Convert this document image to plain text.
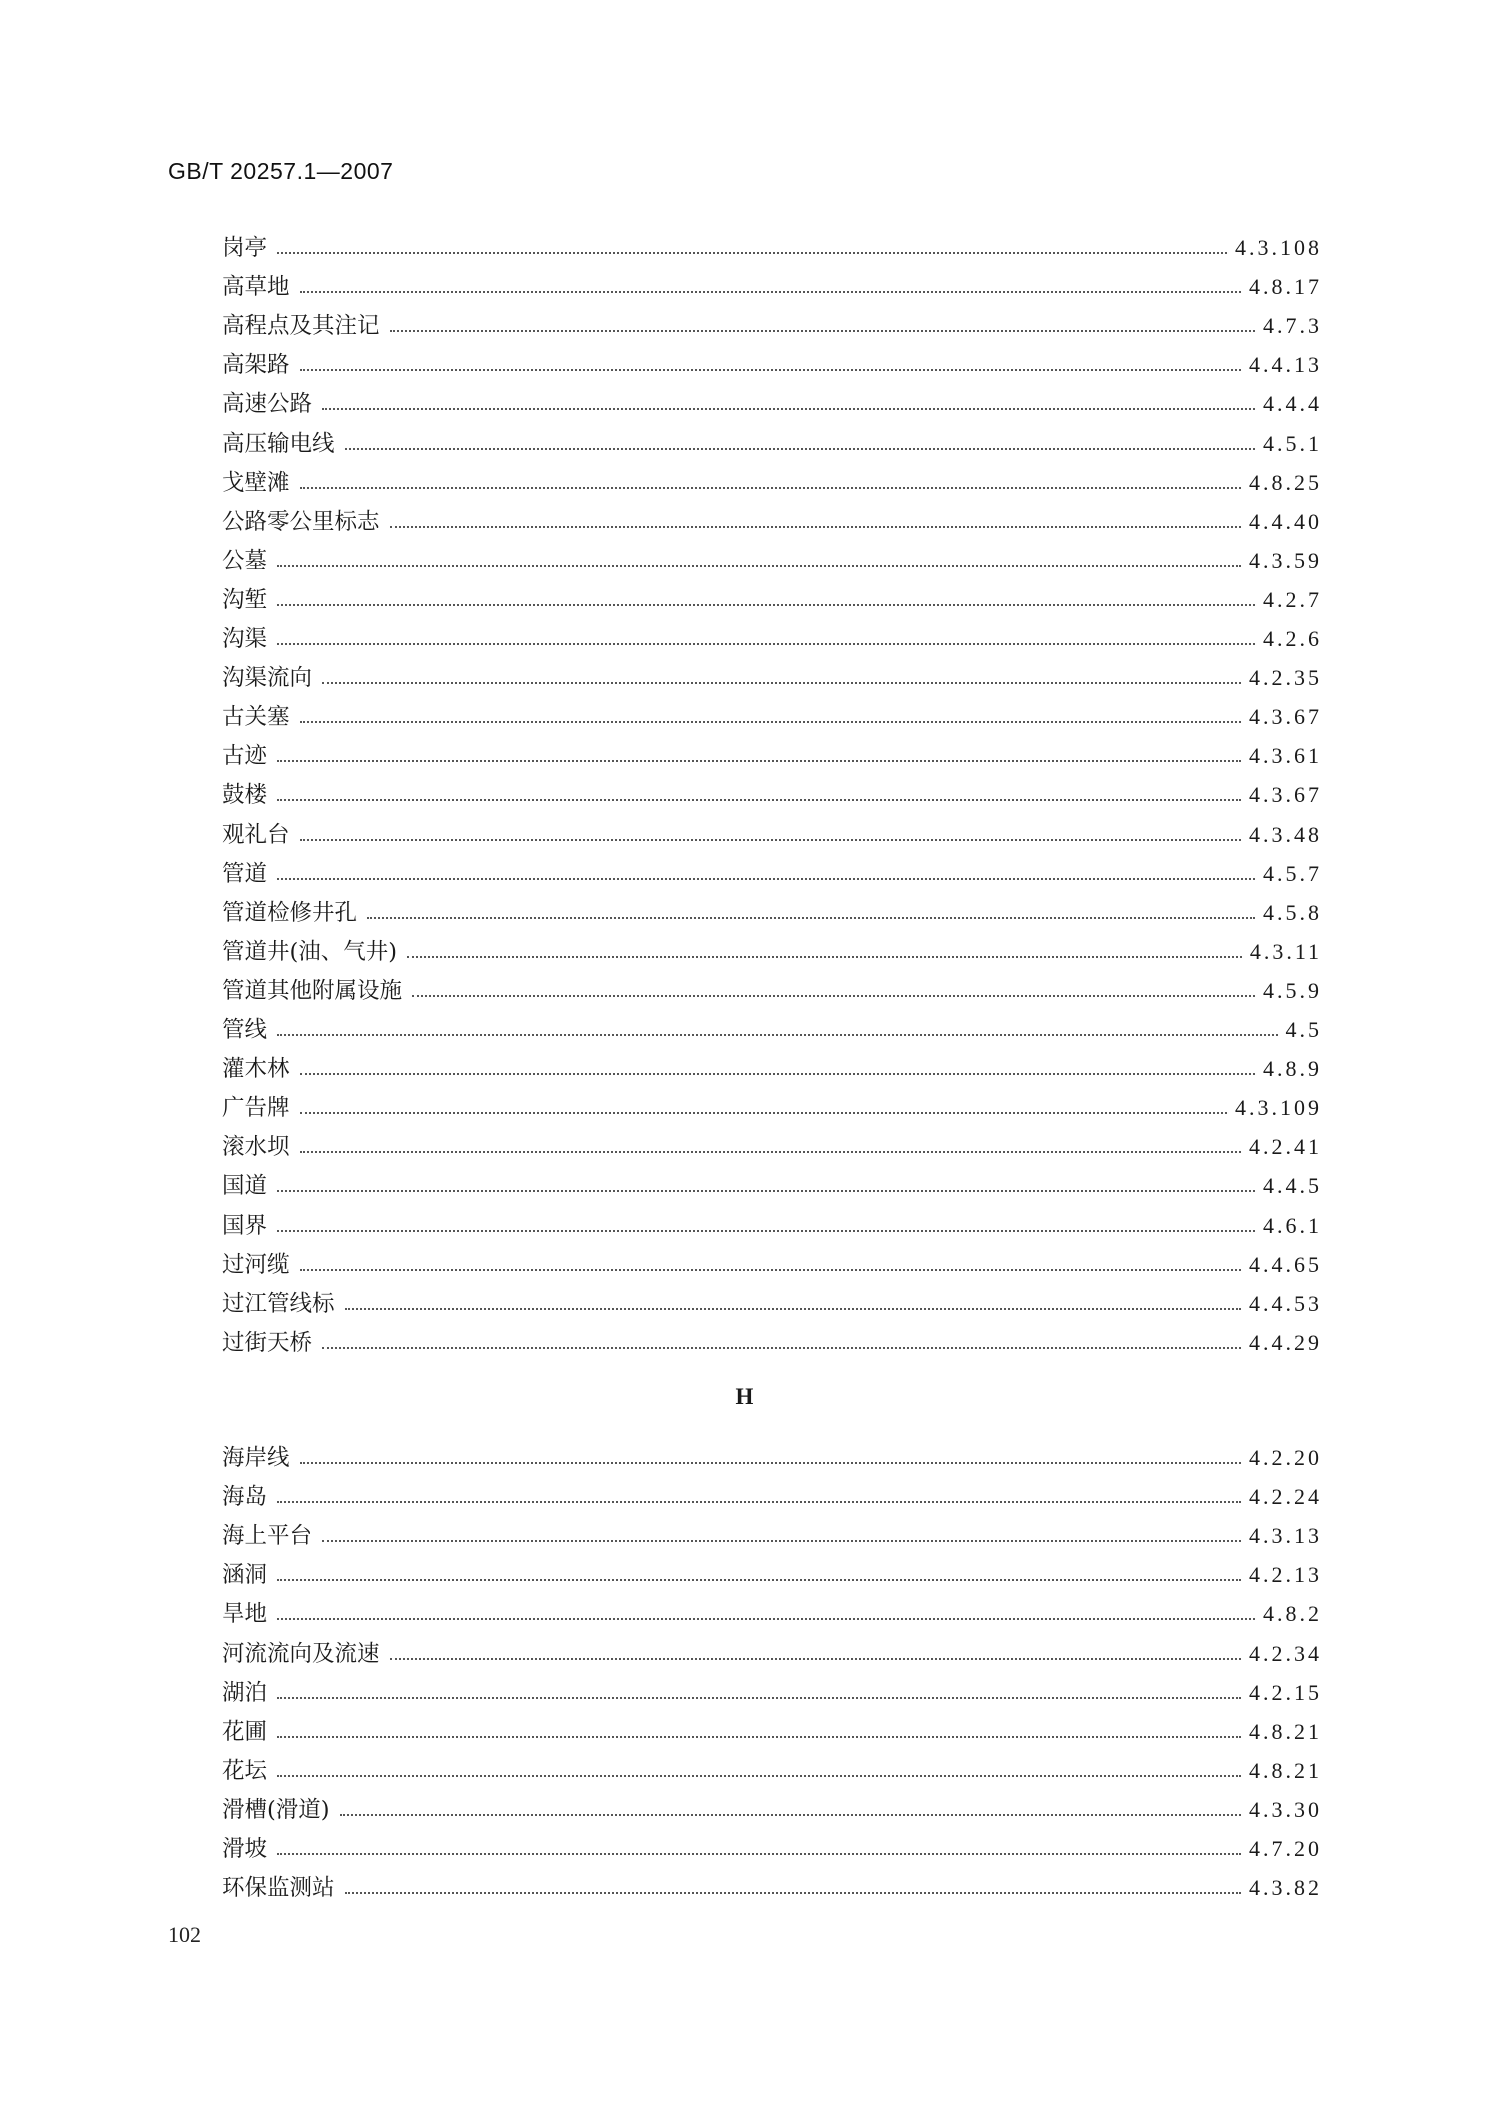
GB/T 20257.1—2007
岗亭	4.3.108
高草地	4.8.17
高程点及其注记	4.7.3
高架路	4.4.13
高速公路	4.4.4
高压输电线	4.5.1
戈壁滩	4.8.25
公路零公里标志	4.4.40
公墓	4.3.59
沟堑	4.2.7
沟渠	4.2.6
沟渠流向	4.2.35
古关塞	4.3.67
古迹	4.3.61
鼓楼	4.3.67
观礼台	4.3.48
管道	4.5.7
管道检修井孔	4.5.8
管道井(油、气井)	4.3.11
管道其他附属设施	4.5.9
管线	4.5
灌木林	4.8.9
广告牌	4.3.109
滚水坝	4.2.41
国道	4.4.5
国界	4.6.1
过河缆	4.4.65
过江管线标	4.4.53
过街天桥	4.4.29
H
海岸线	4.2.20
海岛	4.2.24
海上平台	4.3.13
涵洞	4.2.13
旱地	4.8.2
河流流向及流速	4.2.34
湖泊	4.2.15
花圃	4.8.21
花坛	4.8.21
滑槽(滑道)	4.3.30
滑坡	4.7.20
环保监测站	4.3.82
102
